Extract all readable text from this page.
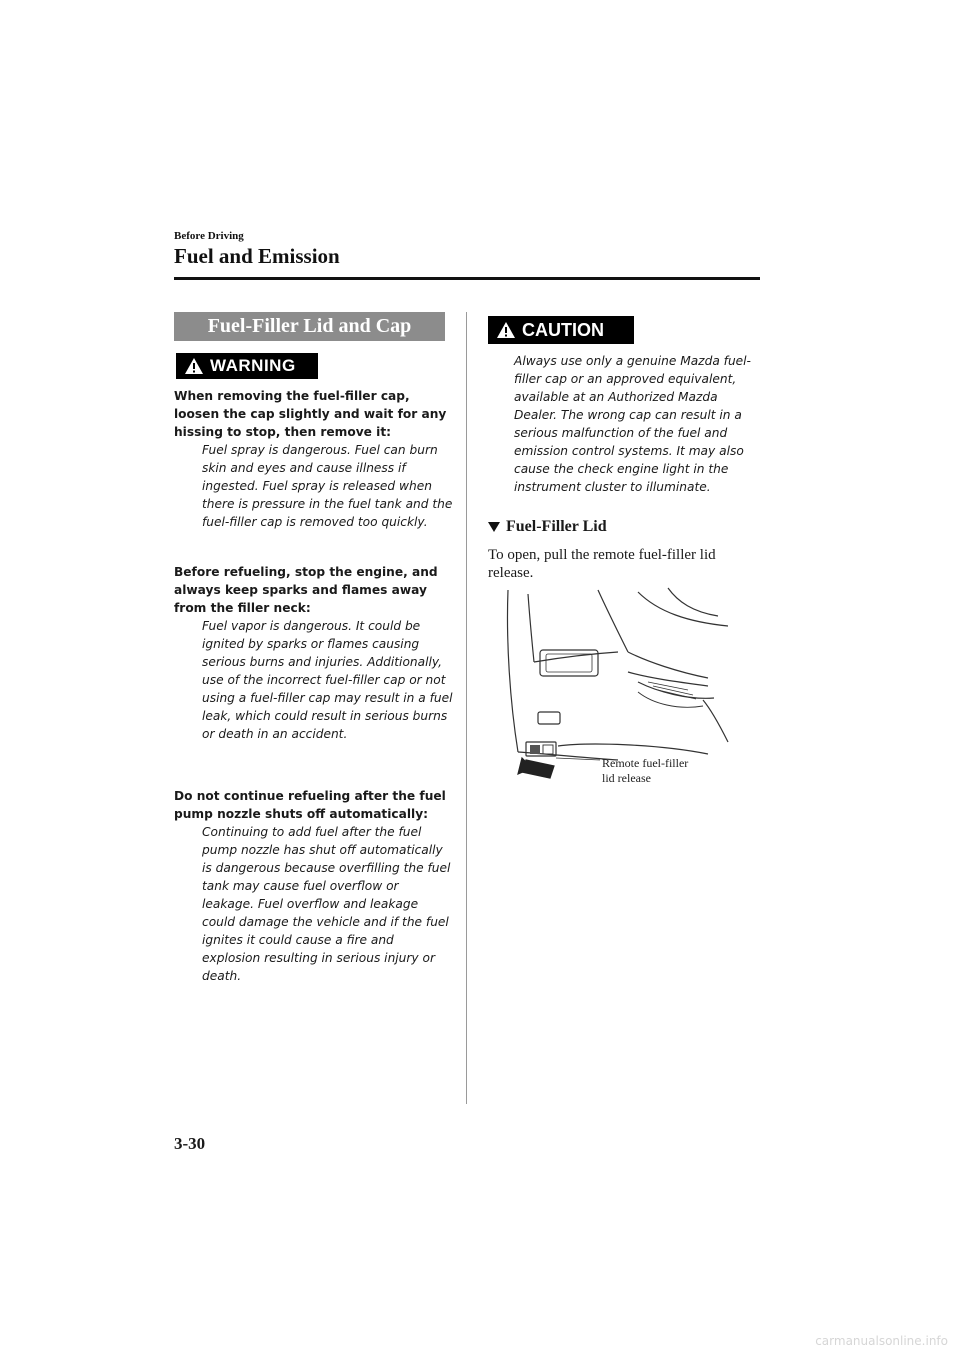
Before Driving
Fuel and Emission
Fuel-Filler Lid and Cap
WARNING
When removing the fuel-filler cap, loosen the cap slightly and wait for any hissing to stop, then remove it:
Fuel spray is dangerous. Fuel can burn skin and eyes and cause illness if ingested. Fuel spray is released when there is pressure in the fuel tank and the fuel-filler cap is removed too quickly.
Before refueling, stop the engine, and always keep sparks and flames away from the filler neck:
Fuel vapor is dangerous. It could be ignited by sparks or flames causing serious burns and injuries. Additionally, use of the incorrect fuel-filler cap or not using a fuel-filler cap may result in a fuel leak, which could result in serious burns or death in an accident.
Do not continue refueling after the fuel pump nozzle shuts off automatically:
Continuing to add fuel after the fuel pump nozzle has shut off automatically is dangerous because overfilling the fuel tank may cause fuel overflow or leakage. Fuel overflow and leakage could damage the vehicle and if the fuel ignites it could cause a fire and explosion resulting in serious injury or death.
CAUTION
Always use only a genuine Mazda fuel-filler cap or an approved equivalent, available at an Authorized Mazda Dealer. The wrong cap can result in a serious malfunction of the fuel and emission control systems. It may also cause the check engine light in the instrument cluster to illuminate.
Fuel-Filler Lid
To open, pull the remote fuel-filler lid release.
Remote fuel-filler
lid release
3-30
carmanualsonline.info
